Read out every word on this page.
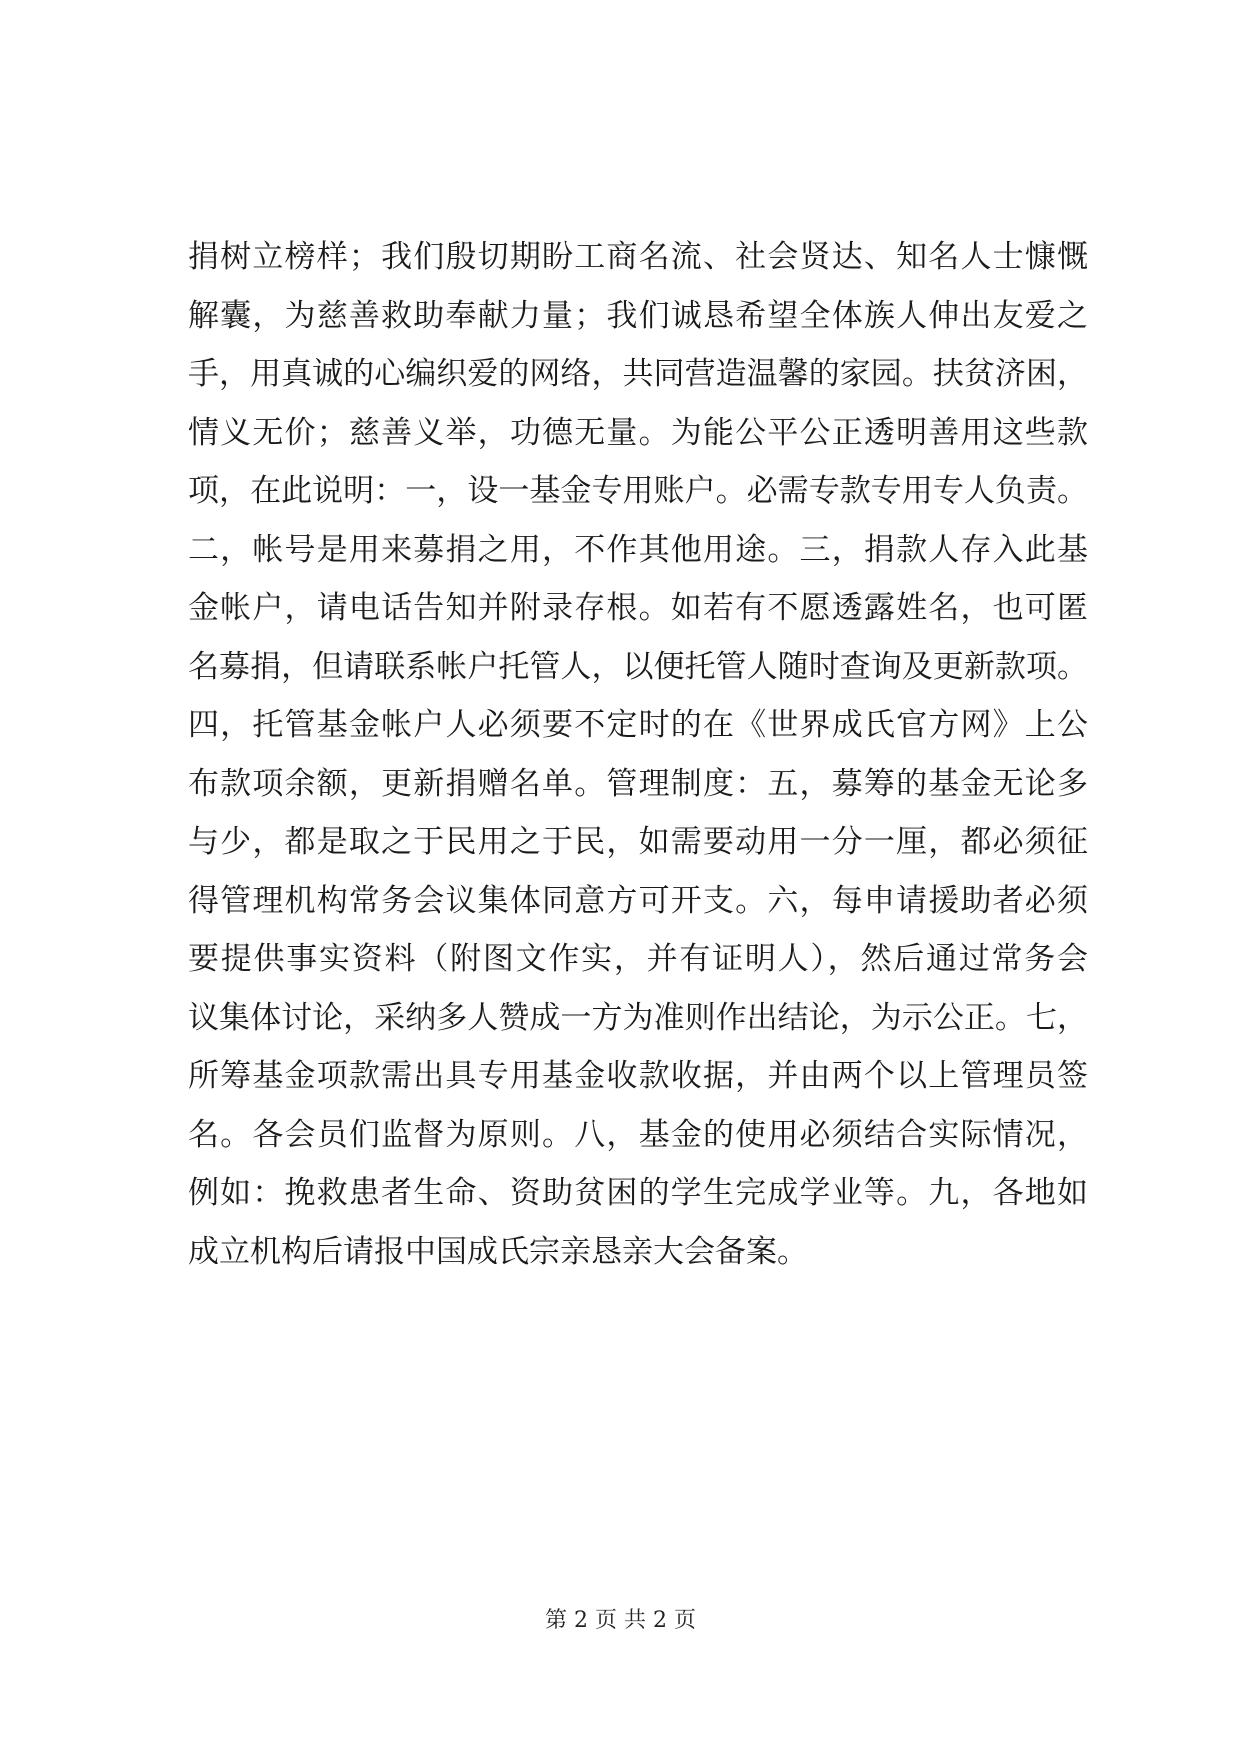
捐树立榜样；我们殷切期盼工商名流、社会贤达、知名人士慷慨
解囊，为慈善救助奉献力量；我们诚恳希望全体族人伸出友爱之
手，用真诚的心编织爱的网络，共同营造温馨的家园。扶贫济困，
情义无价；慈善义举，功德无量。为能公平公正透明善用这些款
项，在此说明：一，设一基金专用账户。必需专款专用专人负责。
二，帐号是用来募捐之用，不作其他用途。三，捐款人存入此基
金帐户，请电话告知并附录存根。如若有不愿透露姓名，也可匿
名募捐，但请联系帐户托管人，以便托管人随时查询及更新款项。
四，托管基金帐户人必须要不定时的在《世界成氏官方网》上公
布款项余额，更新捐赠名单。管理制度：五，募筹的基金无论多
与少，都是取之于民用之于民，如需要动用一分一厘，都必须征
得管理机构常务会议集体同意方可开支。六，每申请援助者必须
要提供事实资料（附图文作实，并有证明人），然后通过常务会
议集体讨论，采纳多人赞成一方为准则作出结论，为示公正。七，
所筹基金项款需出具专用基金收款收据，并由两个以上管理员签
名。各会员们监督为原则。八，基金的使用必须结合实际情况，
例如：挽救患者生命、资助贫困的学生完成学业等。九，各地如
成立机构后请报中国成氏宗亲恳亲大会备案。
第 2 页 共 2 页
